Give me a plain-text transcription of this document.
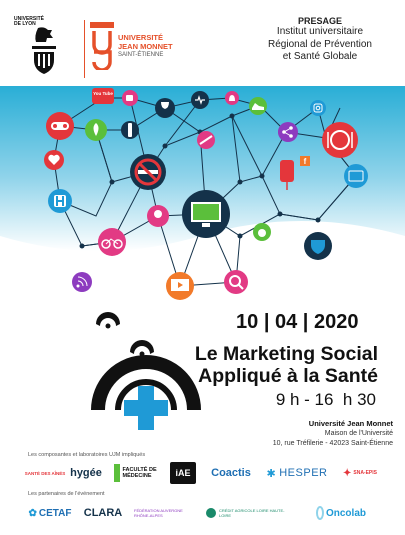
UNIVERSITÉ
DE LYON
UNIVERSITÉ
JEAN MONNET
SAINT-ÉTIENNE
PRESAGE
Institut universitaire
Régional de Prévention
et Santé Globale
You Tube
f
10 | 04 | 2020
Le Marketing Social
Appliqué à la Santé
9 h - 16  h 30
Université Jean Monnet
Maison de l'Université
10, rue Tréfilerie - 42023 Saint-Étienne
Les composantes et laboratoires UJM impliqués
SANTÉ DES AÎNÉS hygée	FACULTÉ DE MÉDECINE	iAE Coactis ✱ HESPER ✦ SNA-EPIS
Les partenaires de l'événement
✿ CETAF CLARA	FÉDÉRATION AUVERGNE RHÔNE-ALPES
CRÉDIT AGRICOLE LOIRE HAUTE-LOIRE	Oncolab
